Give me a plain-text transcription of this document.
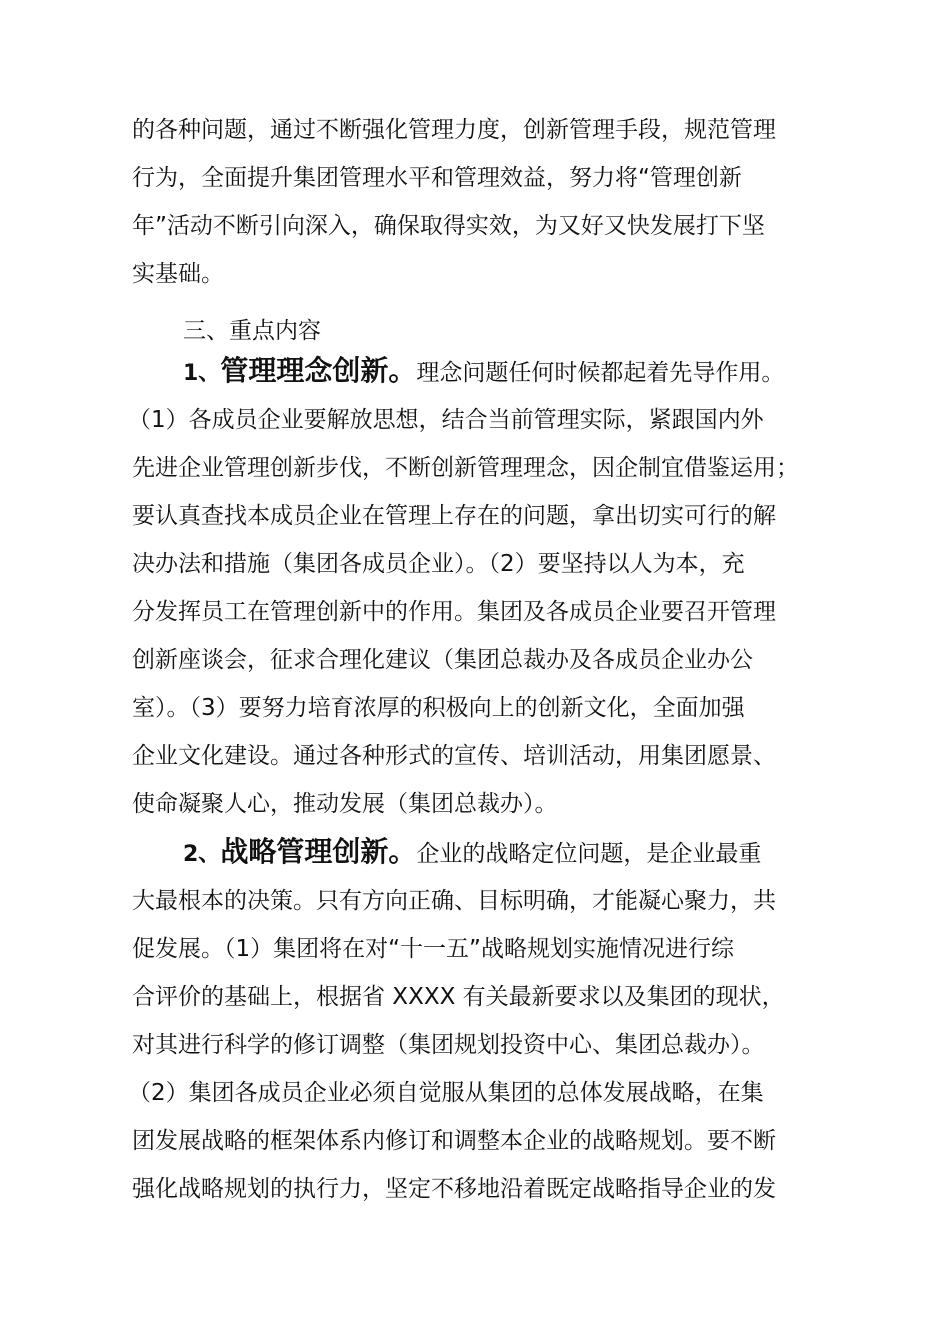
的各种问题，通过不断强化管理力度，创新管理手段，规范管理
行为，全面提升集团管理水平和管理效益，努力将“管理创新
年”活动不断引向深入，确保取得实效，为又好又快发展打下坚
实基础。
三、重点内容
1、管理理念创新。理念问题任何时候都起着先导作用。
（1）各成员企业要解放思想，结合当前管理实际，紧跟国内外
先进企业管理创新步伐，不断创新管理理念，因企制宜借鉴运用；
要认真查找本成员企业在管理上存在的问题，拿出切实可行的解
决办法和措施（集团各成员企业）。（2）要坚持以人为本，充
分发挥员工在管理创新中的作用。集团及各成员企业要召开管理
创新座谈会，征求合理化建议（集团总裁办及各成员企业办公
室）。（3）要努力培育浓厚的积极向上的创新文化，全面加强
企业文化建设。通过各种形式的宣传、培训活动，用集团愿景、
使命凝聚人心，推动发展（集团总裁办）。
2、战略管理创新。企业的战略定位问题，是企业最重
大最根本的决策。只有方向正确、目标明确，才能凝心聚力，共
促发展。（1）集团将在对“十一五”战略规划实施情况进行综
合评价的基础上，根据省 XXXX 有关最新要求以及集团的现状，
对其进行科学的修订调整（集团规划投资中心、集团总裁办）。
（2）集团各成员企业必须自觉服从集团的总体发展战略，在集
团发展战略的框架体系内修订和调整本企业的战略规划。要不断
强化战略规划的执行力，坚定不移地沿着既定战略指导企业的发
